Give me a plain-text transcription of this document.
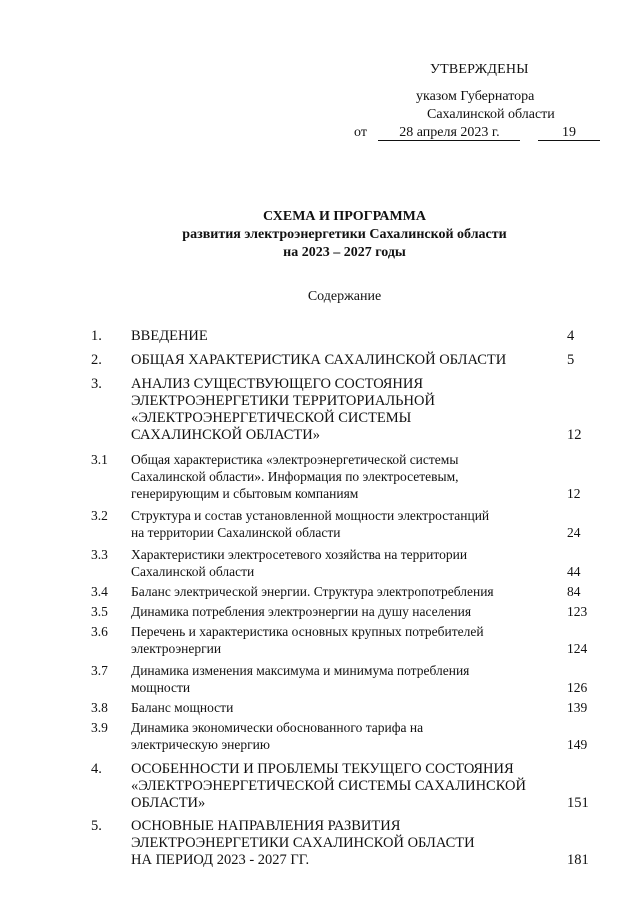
УТВЕРЖДЕНЫ
указом Губернатора
Сахалинской области
от 28 апреля 2023 г.	19
СХЕМА И ПРОГРАММА
развития электроэнергетики Сахалинской области
на 2023 – 2027 годы
Содержание
1.	ВВЕДЕНИЕ	4
2.	ОБЩАЯ ХАРАКТЕРИСТИКА САХАЛИНСКОЙ ОБЛАСТИ	5
3.	АНАЛИЗ СУЩЕСТВУЮЩЕГО СОСТОЯНИЯ
ЭЛЕКТРОЭНЕРГЕТИКИ ТЕРРИТОРИАЛЬНОЙ
«ЭЛЕКТРОЭНЕРГЕТИЧЕСКОЙ СИСТЕМЫ
САХАЛИНСКОЙ ОБЛАСТИ»	12
3.1	Общая характеристика «электроэнергетической системы
Сахалинской области». Информация по электросетевым,
генерирующим и сбытовым компаниям	12
3.2	Структура и состав установленной мощности электростанций
на территории Сахалинской области	24
3.3	Характеристики электросетевого хозяйства на территории
Сахалинской области	44
3.4	Баланс электрической энергии. Структура электропотребления	84
3.5	Динамика потребления электроэнергии на душу населения	123
3.6	Перечень и характеристика основных крупных потребителей
электроэнергии	124
3.7	Динамика изменения максимума и минимума потребления
мощности	126
3.8	Баланс мощности	139
3.9	Динамика экономически обоснованного тарифа на
электрическую энергию	149
4.	ОСОБЕННОСТИ И ПРОБЛЕМЫ ТЕКУЩЕГО СОСТОЯНИЯ
«ЭЛЕКТРОЭНЕРГЕТИЧЕСКОЙ СИСТЕМЫ САХАЛИНСКОЙ
ОБЛАСТИ»	151
5.	ОСНОВНЫЕ НАПРАВЛЕНИЯ РАЗВИТИЯ
ЭЛЕКТРОЭНЕРГЕТИКИ САХАЛИНСКОЙ ОБЛАСТИ
НА ПЕРИОД 2023 - 2027 ГГ.	181
